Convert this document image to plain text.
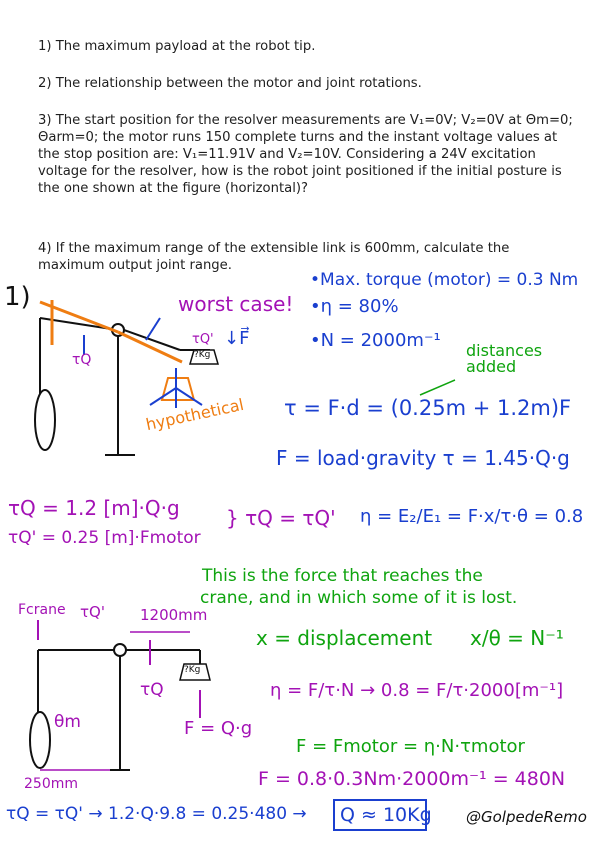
1) The maximum payload at the robot tip.
2) The relationship between the motor and joint rotations.
3) The start position for the resolver measurements are V₁=0V; V₂=0V at Θm=0; Θarm=0; the motor runs 150 complete turns and the instant voltage values at the stop position are: V₁=11.91V and V₂=10V. Considering a 24V excitation voltage for the resolver, how is the robot joint positioned if the initial posture is the one shown at the figure (horizontal)?
4) If the maximum range of the extensible link is 600mm, calculate the maximum output joint range.
1)	worst case!
↓F⃗
hypothetical
τQ
τQ'
?Kg
•Max. torque (motor) = 0.3 Nm
•η = 80%
•N = 2000m⁻¹ distances added
τ = F·d = (0.25m + 1.2m)F
F = load·gravity τ = 1.45·Q·g
τQ = 1.2 [m]·Q·g
τQ' = 0.25 [m]·Fmotor
} τQ = τQ' η = E₂/E₁ = F·x/τ·θ = 0.8
This is the force that reaches the
crane, and in which some of it is lost.
x = displacement x/θ = N⁻¹
Fcrane τQ' 1200mm
?Kg
τQ
F = Q·g
θm
250mm
η = F/τ·N → 0.8 = F/τ·2000[m⁻¹]
F = Fmotor = η·N·τmotor
F = 0.8·0.3Nm·2000m⁻¹ = 480N
τQ = τQ' → 1.2·Q·9.8 = 0.25·480 → Q ≈ 10Kg @GolpedeRemo
